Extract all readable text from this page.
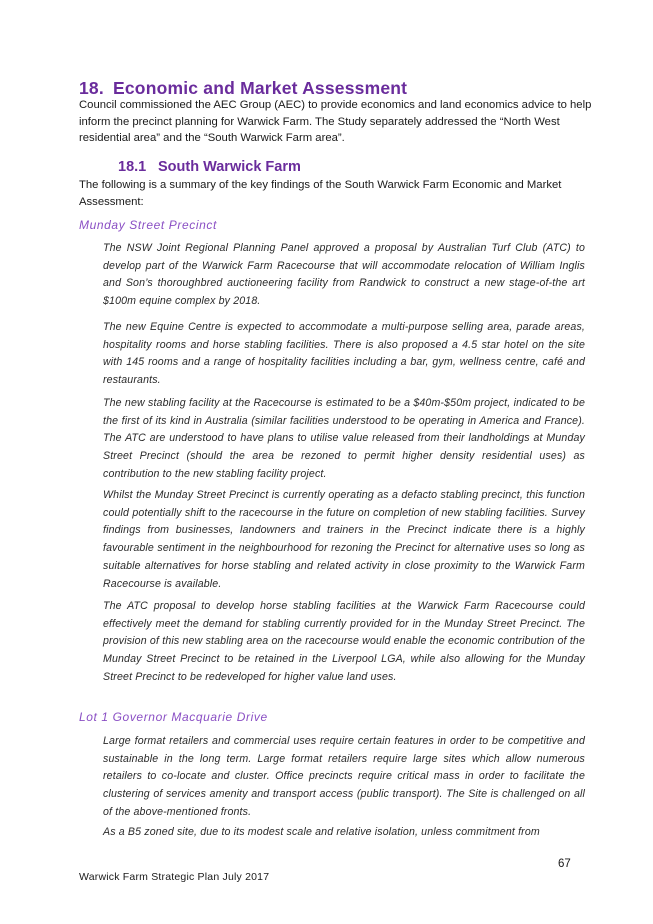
18. Economic and Market Assessment
Council commissioned the AEC Group (AEC) to provide economics and land economics advice to help inform the precinct planning for Warwick Farm. The Study separately addressed the “North West residential area” and the “South Warwick Farm area”.
18.1 South Warwick Farm
The following is a summary of the key findings of the South Warwick Farm Economic and Market Assessment:
Munday Street Precinct
The NSW Joint Regional Planning Panel approved a proposal by Australian Turf Club (ATC) to develop part of the Warwick Farm Racecourse that will accommodate relocation of William Inglis and Son’s thoroughbred auctioneering facility from Randwick to construct a new stage-of-the art $100m equine complex by 2018.
The new Equine Centre is expected to accommodate a multi-purpose selling area, parade areas, hospitality rooms and horse stabling facilities. There is also proposed a 4.5 star hotel on the site with 145 rooms and a range of hospitality facilities including a bar, gym, wellness centre, café and restaurants.
The new stabling facility at the Racecourse is estimated to be a $40m-$50m project, indicated to be the first of its kind in Australia (similar facilities understood to be operating in America and France). The ATC are understood to have plans to utilise value released from their landholdings at Munday Street Precinct (should the area be rezoned to permit higher density residential uses) as contribution to the new stabling facility project.
Whilst the Munday Street Precinct is currently operating as a defacto stabling precinct, this function could potentially shift to the racecourse in the future on completion of new stabling facilities. Survey findings from businesses, landowners and trainers in the Precinct indicate there is a highly favourable sentiment in the neighbourhood for rezoning the Precinct for alternative uses so long as suitable alternatives for horse stabling and related activity in close proximity to the Warwick Farm Racecourse is available.
The ATC proposal to develop horse stabling facilities at the Warwick Farm Racecourse could effectively meet the demand for stabling currently provided for in the Munday Street Precinct. The provision of this new stabling area on the racecourse would enable the economic contribution of the Munday Street Precinct to be retained in the Liverpool LGA, while also allowing for the Munday Street Precinct to be redeveloped for higher value land uses.
Lot 1 Governor Macquarie Drive
Large format retailers and commercial uses require certain features in order to be competitive and sustainable in the long term. Large format retailers require large sites which allow numerous retailers to co-locate and cluster. Office precincts require critical mass in order to facilitate the clustering of services amenity and transport access (public transport). The Site is challenged on all of the above-mentioned fronts.
As a B5 zoned site, due to its modest scale and relative isolation, unless commitment from
67
Warwick Farm Strategic Plan July 2017
